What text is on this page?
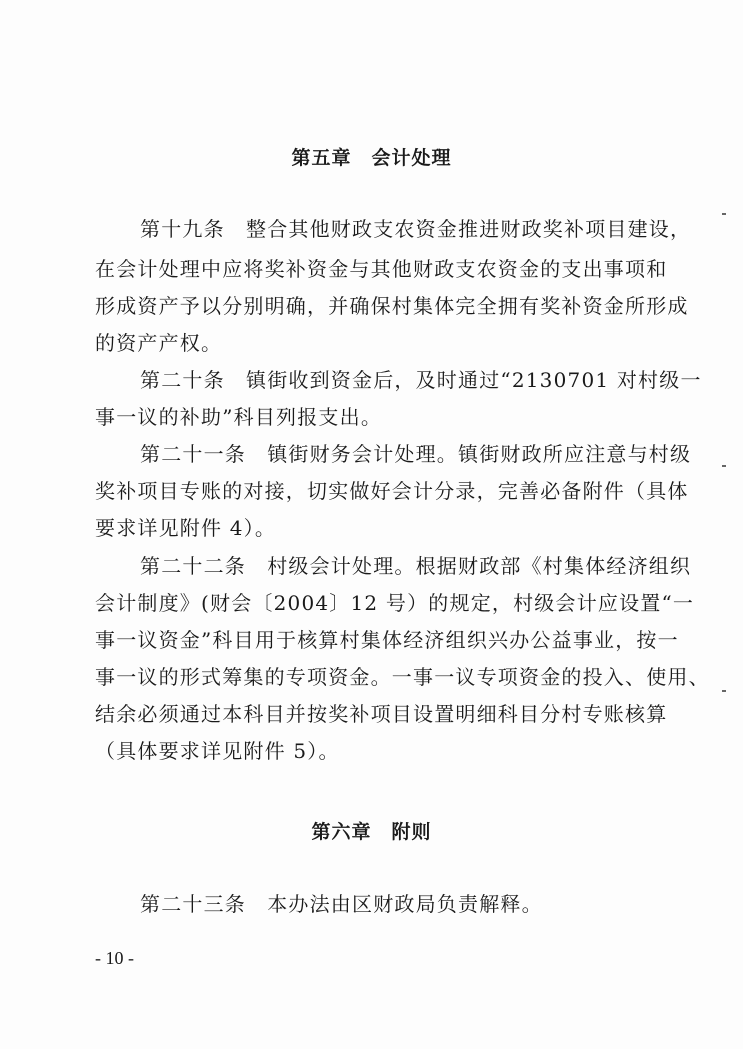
第五章　会计处理
第十九条　整合其他财政支农资金推进财政奖补项目建设，
在会计处理中应将奖补资金与其他财政支农资金的支出事项和
形成资产予以分别明确，并确保村集体完全拥有奖补资金所形成
的资产产权。
第二十条　镇街收到资金后，及时通过“2130701 对村级一
事一议的补助”科目列报支出。
第二十一条　镇街财务会计处理。镇街财政所应注意与村级
奖补项目专账的对接，切实做好会计分录，完善必备附件（具体
要求详见附件 4）。
第二十二条　村级会计处理。根据财政部《村集体经济组织
会计制度》(财会〔2004〕12 号）的规定，村级会计应设置“一
事一议资金”科目用于核算村集体经济组织兴办公益事业，按一
事一议的形式筹集的专项资金。一事一议专项资金的投入、使用、
结余必须通过本科目并按奖补项目设置明细科目分村专账核算
（具体要求详见附件 5）。
第六章　附则
第二十三条　本办法由区财政局负责解释。
- 10 -
